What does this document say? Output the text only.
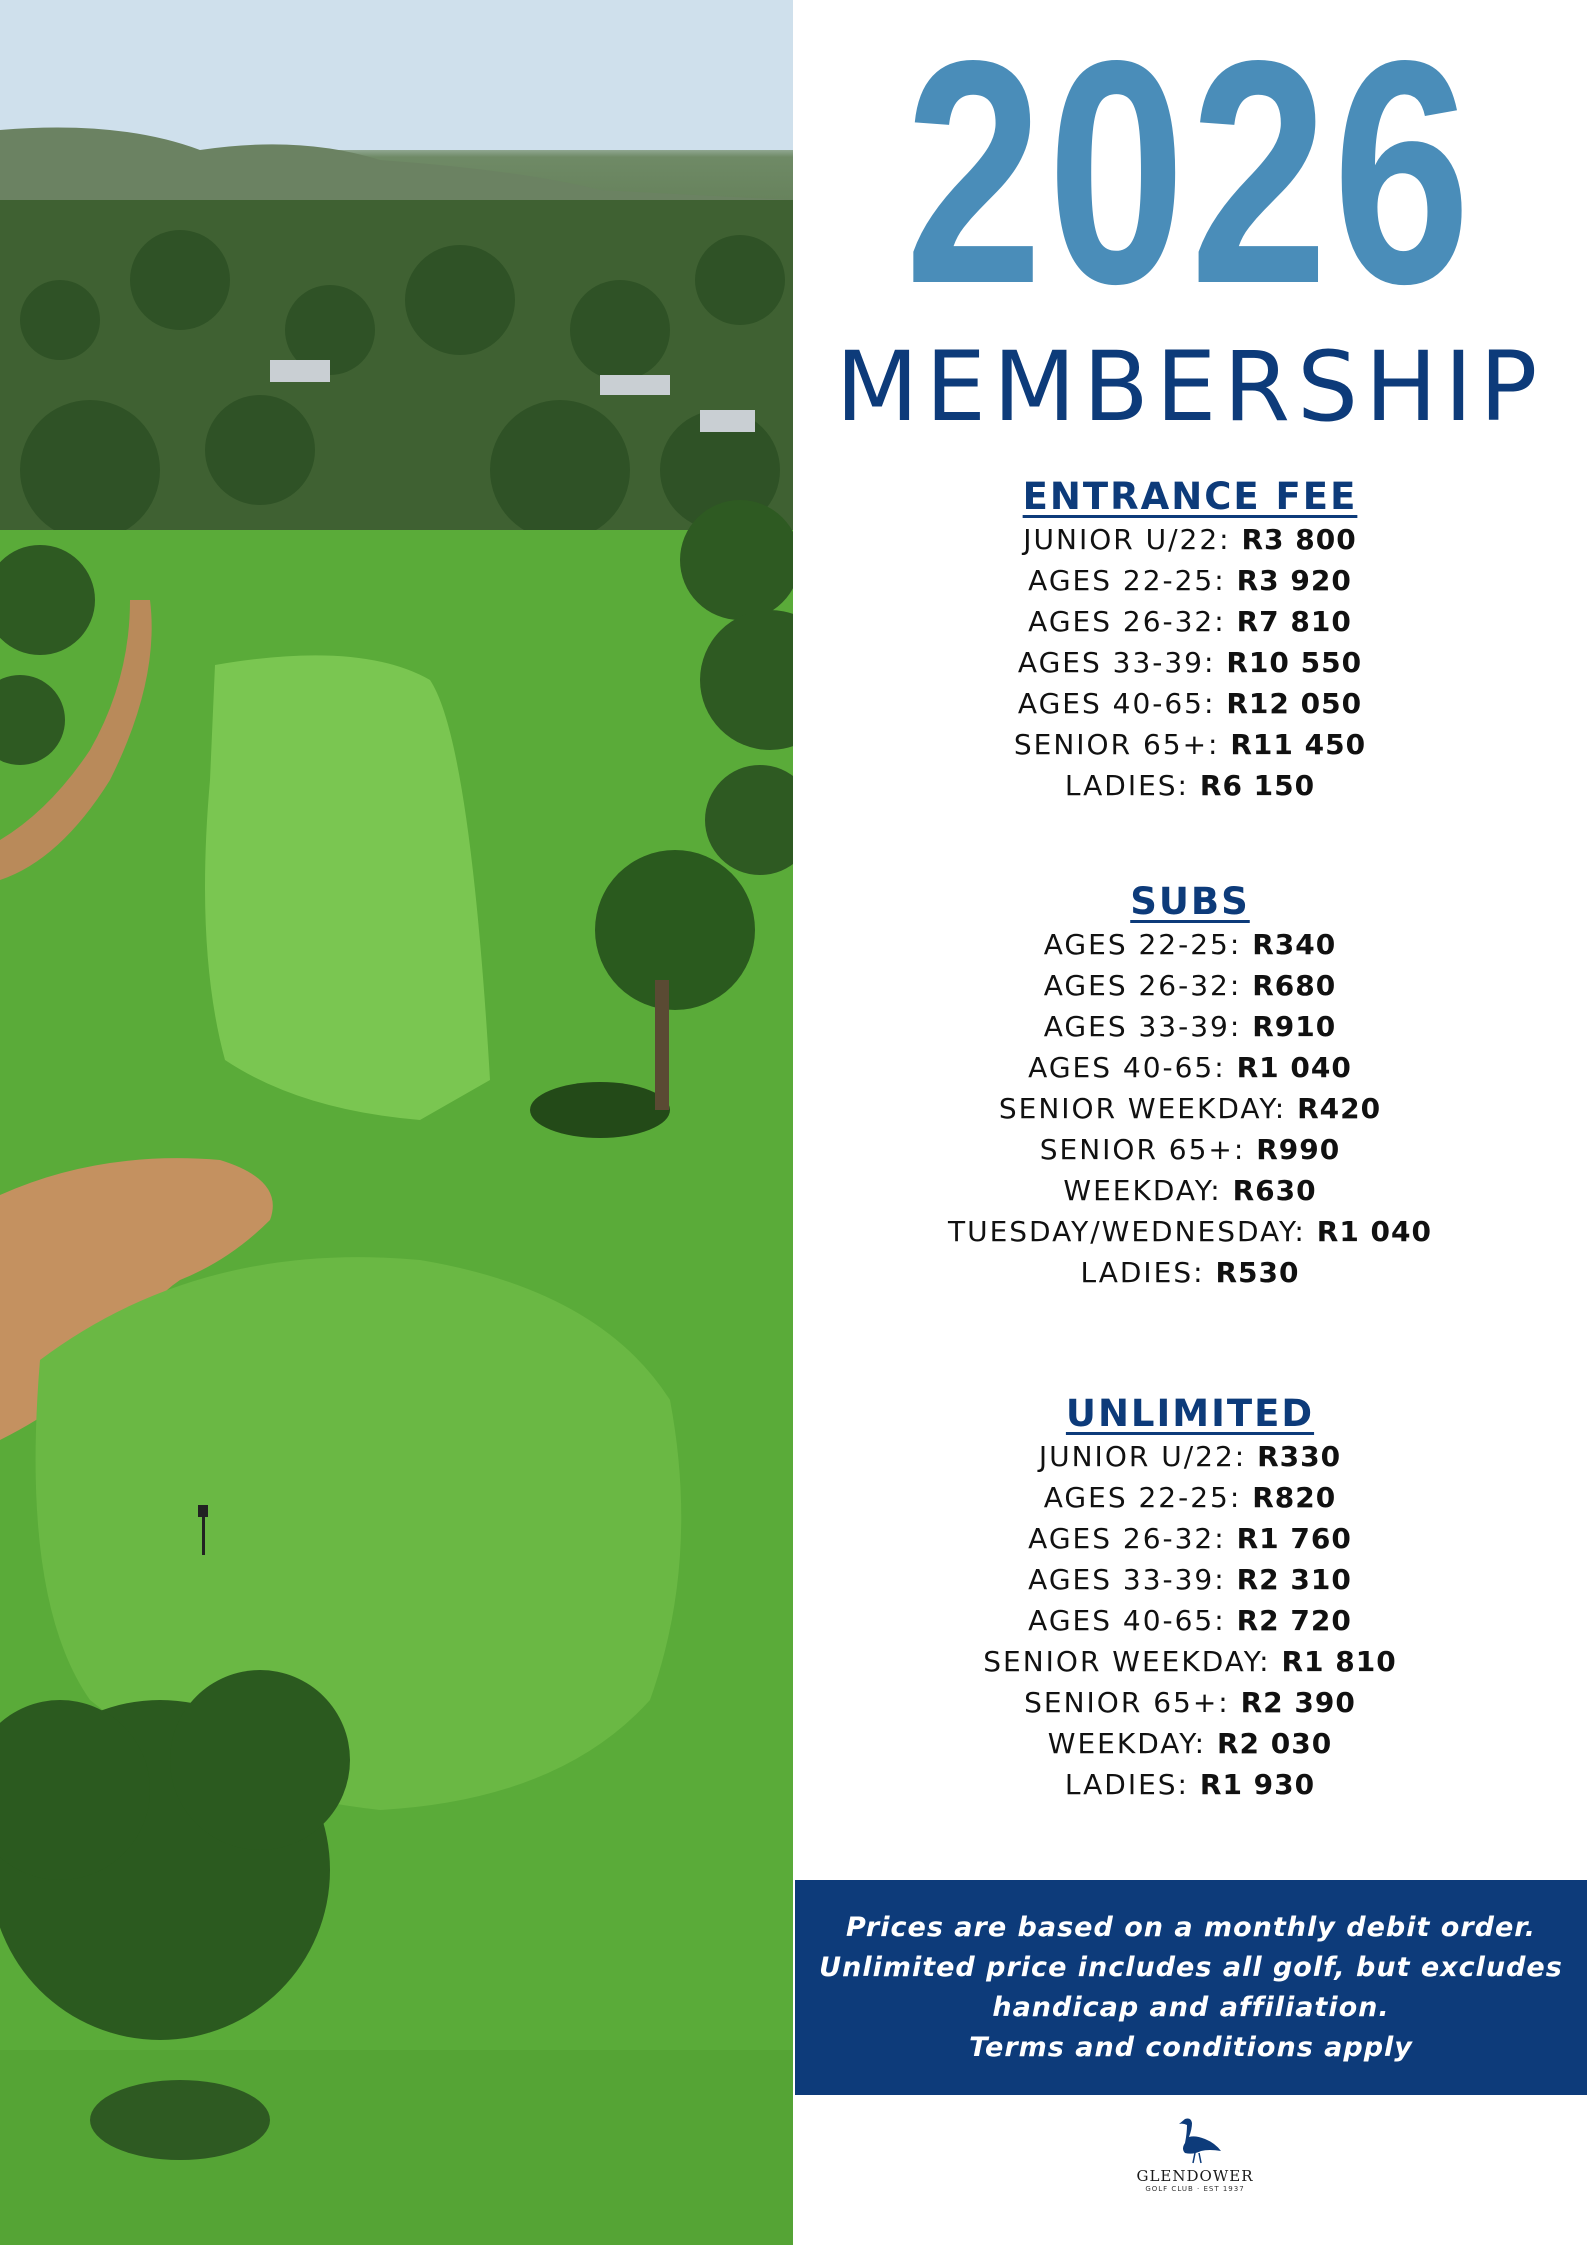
2026
MEMBERSHIP
ENTRANCE FEE
JUNIOR U/22: R3 800
AGES 22-25: R3 920
AGES 26-32: R7 810
AGES 33-39: R10 550
AGES 40-65: R12 050
SENIOR 65+: R11 450
LADIES: R6 150
SUBS
AGES 22-25: R340
AGES 26-32: R680
AGES 33-39: R910
AGES 40-65: R1 040
SENIOR WEEKDAY: R420
SENIOR 65+: R990
WEEKDAY: R630
TUESDAY/WEDNESDAY: R1 040
LADIES: R530
UNLIMITED
JUNIOR U/22: R330
AGES 22-25: R820
AGES 26-32: R1 760
AGES 33-39: R2 310
AGES 40-65: R2 720
SENIOR WEEKDAY: R1 810
SENIOR 65+: R2 390
WEEKDAY: R2 030
LADIES: R1 930
Prices are based on a monthly debit order.
Unlimited price includes all golf, but excludes
handicap and affiliation.
Terms and conditions apply
GLENDOWER
GOLF CLUB · EST 1937
